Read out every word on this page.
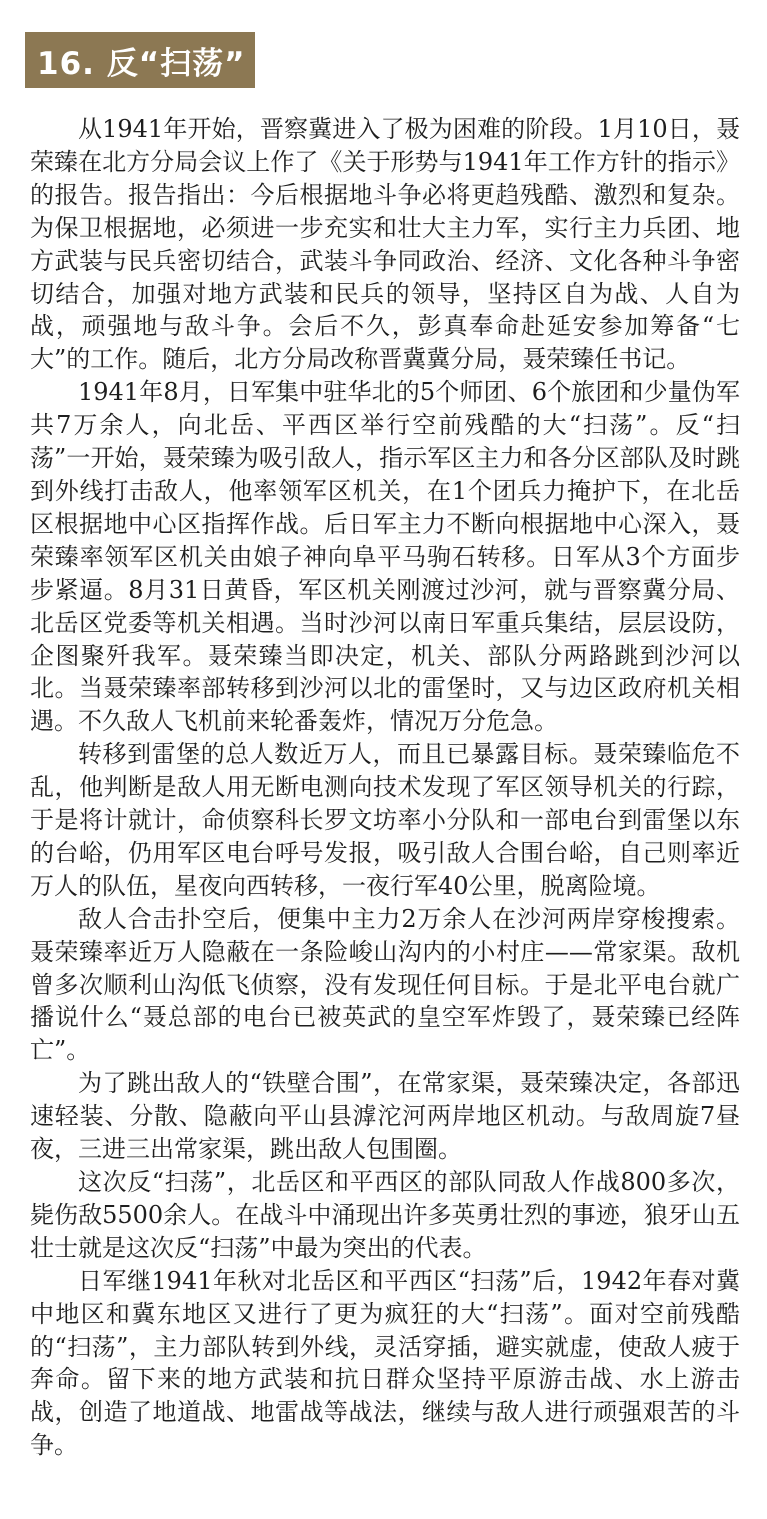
16. 反“扫荡”

从1941年开始，晋察冀进入了极为困难的阶段。1月10日，聂荣臻在北方分局会议上作了《关于形势与1941年工作方针的指示》的报告。报告指出：今后根据地斗争必将更趋残酷、激烈和复杂。为保卫根据地，必须进一步充实和壮大主力军，实行主力兵团、地方武装与民兵密切结合，武装斗争同政治、经济、文化各种斗争密切结合，加强对地方武装和民兵的领导，坚持区自为战、人自为战，顽强地与敌斗争。会后不久，彭真奉命赴延安参加筹备“七大”的工作。随后，北方分局改称晋冀冀分局，聂荣臻任书记。

1941年8月，日军集中驻华北的5个师团、6个旅团和少量伪军共7万余人，向北岳、平西区举行空前残酷的大“扫荡”。反“扫荡”一开始，聂荣臻为吸引敌人，指示军区主力和各分区部队及时跳到外线打击敌人，他率领军区机关，在1个团兵力掩护下，在北岳区根据地中心区指挥作战。后日军主力不断向根据地中心深入，聂荣臻率领军区机关由娘子神向阜平马驹石转移。日军从3个方面步步紧逼。8月31日黄昏，军区机关刚渡过沙河，就与晋察冀分局、北岳区党委等机关相遇。当时沙河以南日军重兵集结，层层设防，企图聚歼我军。聂荣臻当即决定，机关、部队分两路跳到沙河以北。当聂荣臻率部转移到沙河以北的雷堡时，又与边区政府机关相遇。不久敌人飞机前来轮番轰炸，情况万分危急。

转移到雷堡的总人数近万人，而且已暴露目标。聂荣臻临危不乱，他判断是敌人用无断电测向技术发现了军区领导机关的行踪，于是将计就计，命侦察科长罗文坊率小分队和一部电台到雷堡以东的台峪，仍用军区电台呼号发报，吸引敌人合围台峪，自己则率近万人的队伍，星夜向西转移，一夜行军40公里，脱离险境。

敌人合击扑空后，便集中主力2万余人在沙河两岸穿梭搜索。聂荣臻率近万人隐蔽在一条险峻山沟内的小村庄——常家渠。敌机曾多次顺利山沟低飞侦察，没有发现任何目标。于是北平电台就广播说什么“聂总部的电台已被英武的皇空军炸毁了，聂荣臻已经阵亡”。

为了跳出敌人的“铁壁合围”，在常家渠，聂荣臻决定，各部迅速轻装、分散、隐蔽向平山县滹沱河两岸地区机动。与敌周旋7昼夜，三进三出常家渠，跳出敌人包围圈。

这次反“扫荡”，北岳区和平西区的部队同敌人作战800多次，毙伤敌5500余人。在战斗中涌现出许多英勇壮烈的事迹，狼牙山五壮士就是这次反“扫荡”中最为突出的代表。

日军继1941年秋对北岳区和平西区“扫荡”后，1942年春对冀中地区和冀东地区又进行了更为疯狂的大“扫荡”。面对空前残酷的“扫荡”，主力部队转到外线，灵活穿插，避实就虚，使敌人疲于奔命。留下来的地方武装和抗日群众坚持平原游击战、水上游击战，创造了地道战、地雷战等战法，继续与敌人进行顽强艰苦的斗争。
